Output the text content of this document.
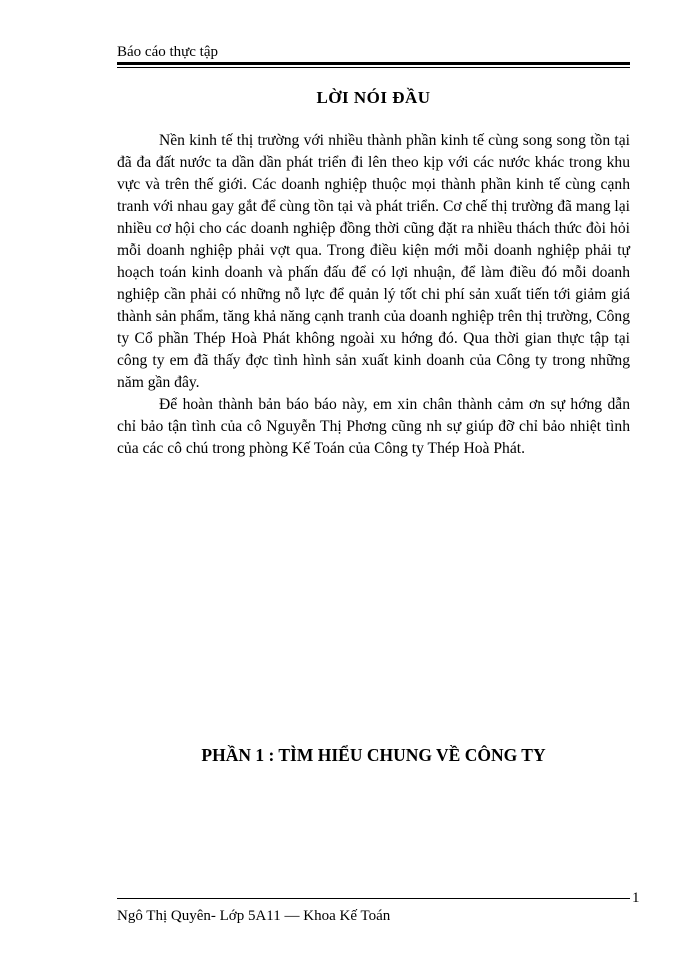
Báo cáo thực tập
LỜI NÓI ĐẦU

Nền kinh tế thị trường với nhiều thành phần kinh tế cùng song song tồn tại đã đa đất nước ta dần dần phát triển đi lên theo kịp với các nước khác trong khu vực và trên thế giới. Các doanh nghiệp thuộc mọi thành phần kinh tế cùng cạnh tranh với nhau gay gắt để cùng tồn tại và phát triển. Cơ chế thị trường đã mang lại nhiều cơ hội cho các doanh nghiệp đồng thời cũng đặt ra nhiều thách thức đòi hỏi mỗi doanh nghiệp phải vợt qua. Trong điều kiện mới mỗi doanh nghiệp phải tự hoạch toán kinh doanh và phấn đấu để có lợi nhuận, để làm điều đó mỗi doanh nghiệp cần phải có những nỗ lực để quản lý tốt chi phí sản xuất tiến tới giảm giá thành sản phẩm, tăng khả năng cạnh tranh của doanh nghiệp trên thị trường, Công ty Cổ phần Thép Hoà Phát không ngoài xu hớng đó. Qua thời gian thực tập tại công ty em đã thấy đợc tình hình sản xuất kinh doanh của Công ty trong những năm gần đây.

Để hoàn thành bản báo báo này, em xin chân thành cảm ơn sự hớng dẫn chỉ bảo tận tình của cô Nguyễn Thị Phơng cũng nh sự giúp đỡ chỉ bảo nhiệt tình của các cô chú trong phòng Kế Toán của Công ty Thép Hoà Phát.

PHẦN 1 : TÌM HIỂU CHUNG VỀ CÔNG TY
1
Ngô Thị Quyên- Lớp 5A11 — Khoa Kế Toán
